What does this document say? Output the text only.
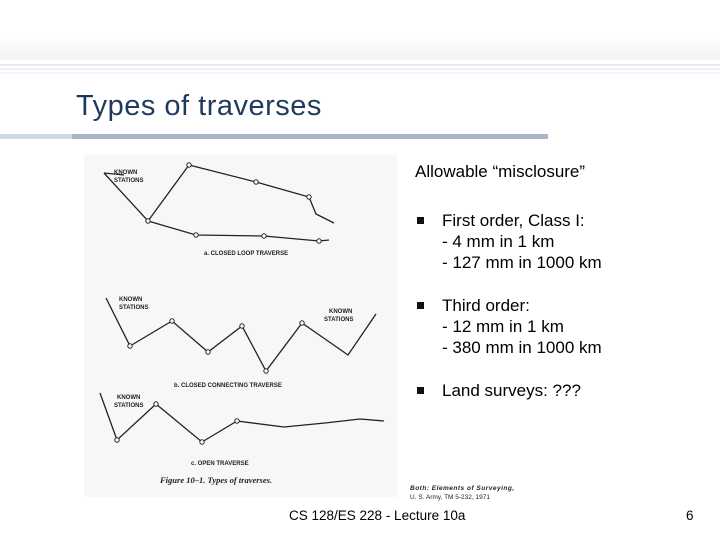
Types of traverses
KNOWN
STATIONS
a. CLOSED LOOP TRAVERSE
KNOWN
STATIONS
KNOWN
STATIONS
b. CLOSED CONNECTING TRAVERSE
KNOWN
STATIONS
c. OPEN TRAVERSE
Figure 10–1. Types of traverses.
Allowable “misclosure”
First order, Class I:
- 4 mm in 1 km
- 127 mm in 1000 km
Third order:
- 12 mm in 1 km
- 380 mm in 1000 km
Land surveys: ???
Both: Elements of Surveying,
U. S. Army, TM 5-232, 1971
CS 128/ES 228 - Lecture 10a	6
